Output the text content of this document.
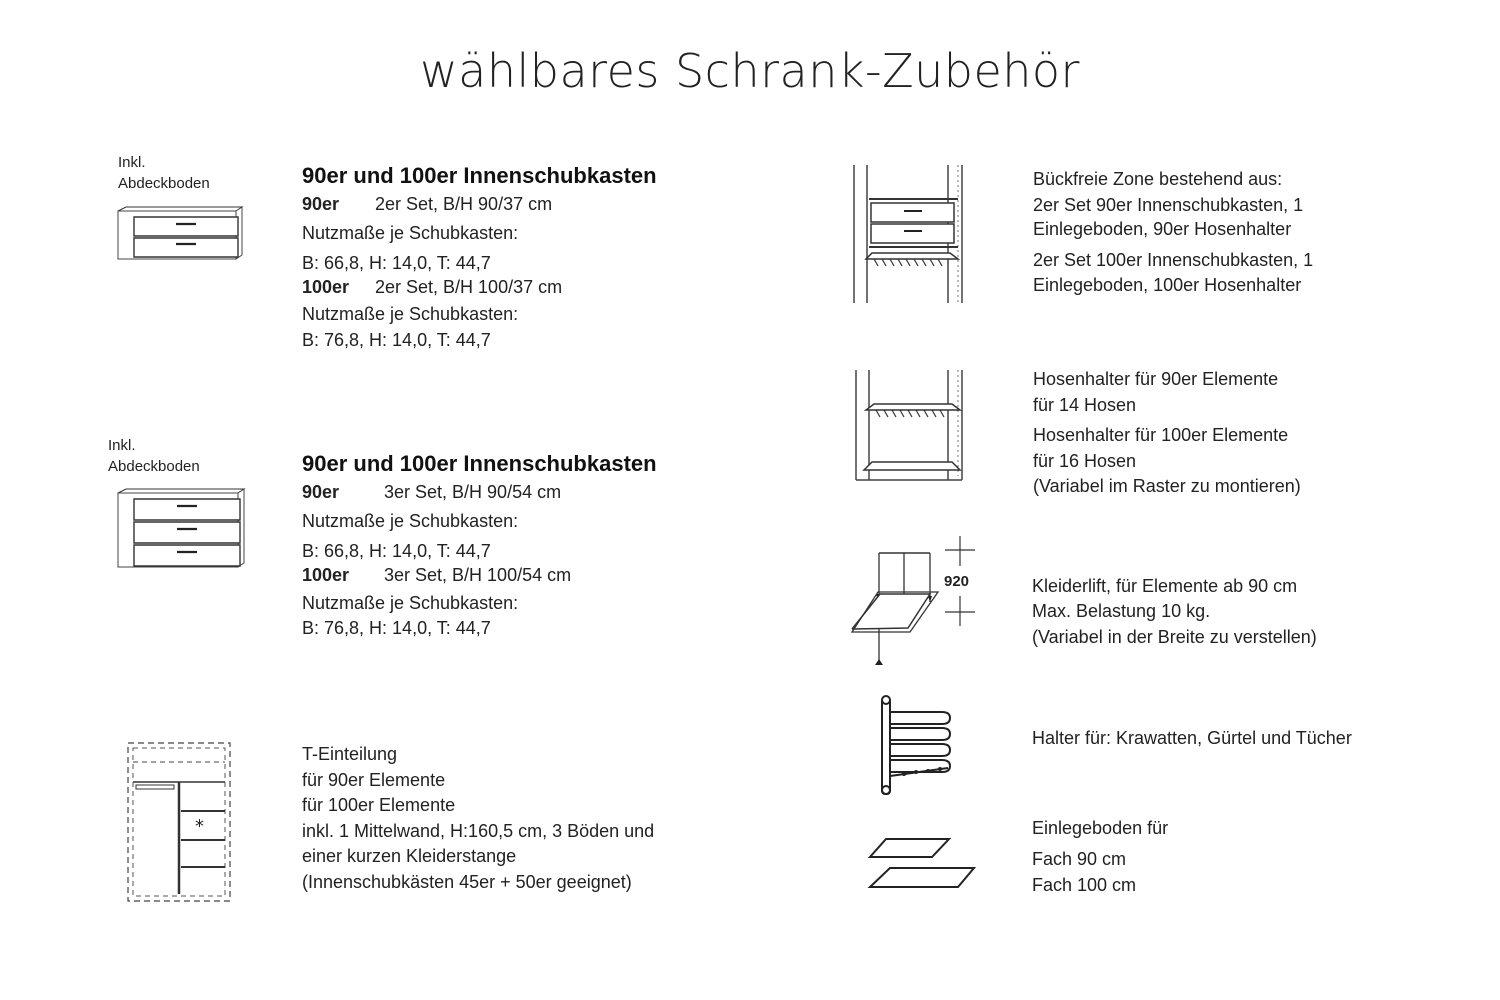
wählbares Schrank-Zubehör
Inkl.
Abdeckboden	90er und 100er Innenschubkasten
90er 2er Set, B/H 90/37 cm
Nutzmaße je Schubkasten:
B: 66,8, H: 14,0, T: 44,7
100er 2er Set, B/H 100/37 cm
Nutzmaße je Schubkasten:
B: 76,8, H: 14,0, T: 44,7
Inkl.
Abdeckboden	90er und 100er Innenschubkasten
90er 3er Set, B/H 90/54 cm
Nutzmaße je Schubkasten:
B: 66,8, H: 14,0, T: 44,7
100er 3er Set, B/H 100/54 cm
Nutzmaße je Schubkasten:
B: 76,8, H: 14,0, T: 44,7
*
T-Einteilung
für 90er Elemente
für 100er Elemente
inkl. 1 Mittelwand, H:160,5 cm, 3 Böden und
einer kurzen Kleiderstange
(Innenschubkästen 45er + 50er geeignet)
Bückfreie Zone bestehend aus:
2er Set 90er Innenschubkasten, 1
Einlegeboden, 90er Hosenhalter
2er Set 100er Innenschubkasten, 1
Einlegeboden, 100er Hosenhalter
Hosenhalter für 90er Elemente
für 14 Hosen
Hosenhalter für 100er Elemente
für 16 Hosen
(Variabel im Raster zu montieren)
920	Kleiderlift, für Elemente ab 90 cm
Max. Belastung 10 kg.
(Variabel in der Breite zu verstellen)
Halter für: Krawatten, Gürtel und Tücher
Einlegeboden für
Fach 90 cm
Fach 100 cm
